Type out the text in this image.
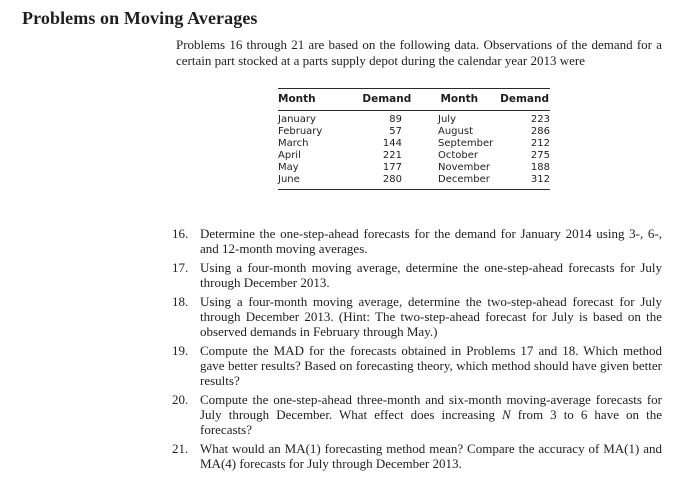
Problems on Moving Averages

Problems 16 through 21 are based on the following data. Observations of the demand for a certain part stocked at a parts supply depot during the calendar year 2013 were

Month	Demand	Month	Demand
January	89	July	223
February	57	August	286
March	144	September	212
April	221	October	275
May	177	November	188
June	280	December	312
16. Determine the one-step-ahead forecasts for the demand for January 2014 using 3-, 6-, and 12-month moving averages.
17. Using a four-month moving average, determine the one-step-ahead forecasts for July through December 2013.
18. Using a four-month moving average, determine the two-step-ahead forecast for July through December 2013. (Hint: The two-step-ahead forecast for July is based on the observed demands in February through May.)
19. Compute the MAD for the forecasts obtained in Problems 17 and 18. Which method gave better results? Based on forecasting theory, which method should have given better results?
20. Compute the one-step-ahead three-month and six-month moving-average forecasts for July through December. What effect does increasing N from 3 to 6 have on the forecasts?
21. What would an MA(1) forecasting method mean? Compare the accuracy of MA(1) and MA(4) forecasts for July through December 2013.
